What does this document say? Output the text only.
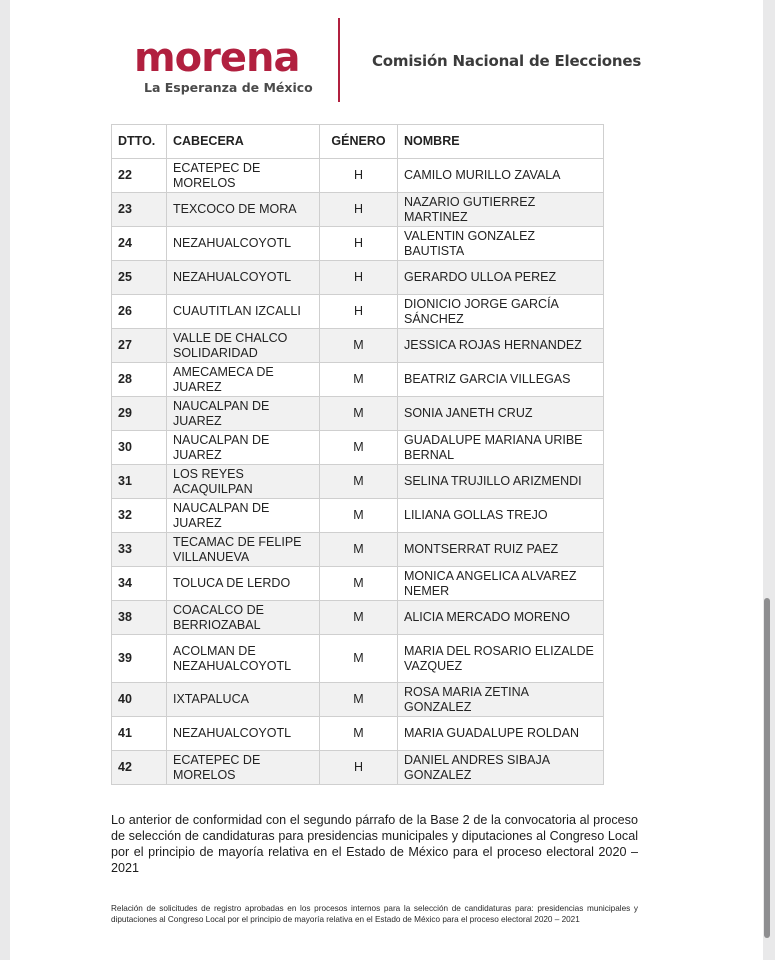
morena
La Esperanza de México
Comisión Nacional de Elecciones
DTTO.	CABECERA	GÉNERO	NOMBRE
22	ECATEPEC DE MORELOS	H	CAMILO MURILLO ZAVALA
23	TEXCOCO DE MORA	H	NAZARIO GUTIERREZ MARTINEZ
24	NEZAHUALCOYOTL	H	VALENTIN GONZALEZ BAUTISTA
25	NEZAHUALCOYOTL	H	GERARDO ULLOA PEREZ
26	CUAUTITLAN IZCALLI	H	DIONICIO JORGE GARCÍA SÁNCHEZ
27	VALLE DE CHALCO SOLIDARIDAD	M	JESSICA ROJAS HERNANDEZ
28	AMECAMECA DE JUAREZ	M	BEATRIZ GARCIA VILLEGAS
29	NAUCALPAN DE JUAREZ	M	SONIA JANETH CRUZ
30	NAUCALPAN DE JUAREZ	M	GUADALUPE MARIANA URIBE BERNAL
31	LOS REYES ACAQUILPAN	M	SELINA TRUJILLO ARIZMENDI
32	NAUCALPAN DE JUAREZ	M	LILIANA GOLLAS TREJO
33	TECAMAC DE FELIPE VILLANUEVA	M	MONTSERRAT RUIZ PAEZ
34	TOLUCA DE LERDO	M	MONICA ANGELICA ALVAREZ NEMER
38	COACALCO DE BERRIOZABAL	M	ALICIA MERCADO MORENO
39	ACOLMAN DE NEZAHUALCOYOTL	M	MARIA DEL ROSARIO ELIZALDE VAZQUEZ
40	IXTAPALUCA	M	ROSA MARIA ZETINA GONZALEZ
41	NEZAHUALCOYOTL	M	MARIA GUADALUPE ROLDAN
42	ECATEPEC DE MORELOS	H	DANIEL ANDRES SIBAJA GONZALEZ
Lo anterior de conformidad con el segundo párrafo de la Base 2 de la convocatoria al proceso de selección de candidaturas para presidencias municipales y diputaciones al Congreso Local por el principio de mayoría relativa en el Estado de México para el proceso electoral 2020 – 2021
Relación de solicitudes de registro aprobadas en los procesos internos para la selección de candidaturas para: presidencias municipales y diputaciones al Congreso Local por el principio de mayoría relativa en el Estado de México para el proceso electoral 2020 – 2021
